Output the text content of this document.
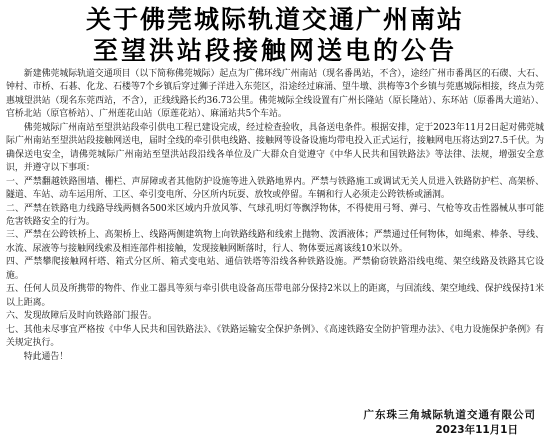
关于佛莞城际轨道交通广州南站
至望洪站段接触网送电的公告

新建佛莞城际轨道交通项目（以下简称佛莞城际）起点为广佛环线广州南站（现名番禺站，不含），途经广州市番禺区的石碶、大石、钟村、市桥、石碁、化龙、石楼等7个乡镇后穿过狮子洋进入东莞区，沿途经过麻涌、望牛墩、洪梅等3个乡镇与莞惠城际相接，终点为莞惠城望洪站（现名东莞西站，不含），正线线路长约36.73公里。佛莞城际全线设置有广州长隆站（原长隆站）、东环站（原番禺大道站）、官桥北站（原官桥站）、广州莲花山站（原莲花站）、麻涌站共5个车站。

佛莞城际广州南站至望洪站段牵引供电工程已建设完成，经过检查验收，具备送电条件。根据安排，定于2023年11月2日起对佛莞城际广州南站至望洪站段接触网送电，届时全线的牵引供电线路、接触网等设备设施均带电投入正式运行，接触网电压将达到27.5千伏。为确保送电安全，请佛莞城际广州南站至望洪站段沿线各单位及广大群众自觉遵守《中华人民共和国铁路法》等法律、法规，增强安全意识，并遵守以下事项：

一、严禁翻越铁路围墙、栅栏、声屏障或者其他防护设施等进入铁路地界内。严禁与铁路施工或调试无关人员进入铁路防护栏、高架桥、隧道、车站、动车运用所、工区、牵引变电所、分区所内玩耍、放牧或停留。车辆和行人必须走公跨铁桥或涵洞。

二、严禁在铁路电力线路导线两侧各500米区域内升放风筝、气球孔明灯等飘浮物体，不得使用弓弩、弹弓、气枪等攻击性器械从事可能危害铁路安全的行为。

三、严禁在公跨铁桥上、高架桥上、线路两侧建筑物上向铁路线路和线索上抛物、泼洒液体；严禁通过任何物体，如绳索、棒条、导线、水流、尿液等与接触网线索及相连部件相接触，发现接触网断落时，行人、物体要远离该线10米以外。

四、严禁攀爬接触网杆塔、箱式分区所、箱式变电站、通信铁塔等沿线各种铁路设施。严禁偷窃铁路沿线电缆、架空线路及铁路其它设施。

五、任何人员及所携带的物件、作业工器具等须与牵引供电设备高压带电部分保持2米以上的距离，与回流线、架空地线、保护线保持1米以上距离。

六、发现故障后及时向铁路部门报告。

七、其他未尽事宜严格按《中华人民共和国铁路法》、《铁路运输安全保护条例》、《高速铁路安全防护管理办法》、《电力设施保护条例》有关规定执行。

特此通告！

广东珠三角城际轨道交通有限公司
2023年11月1日
